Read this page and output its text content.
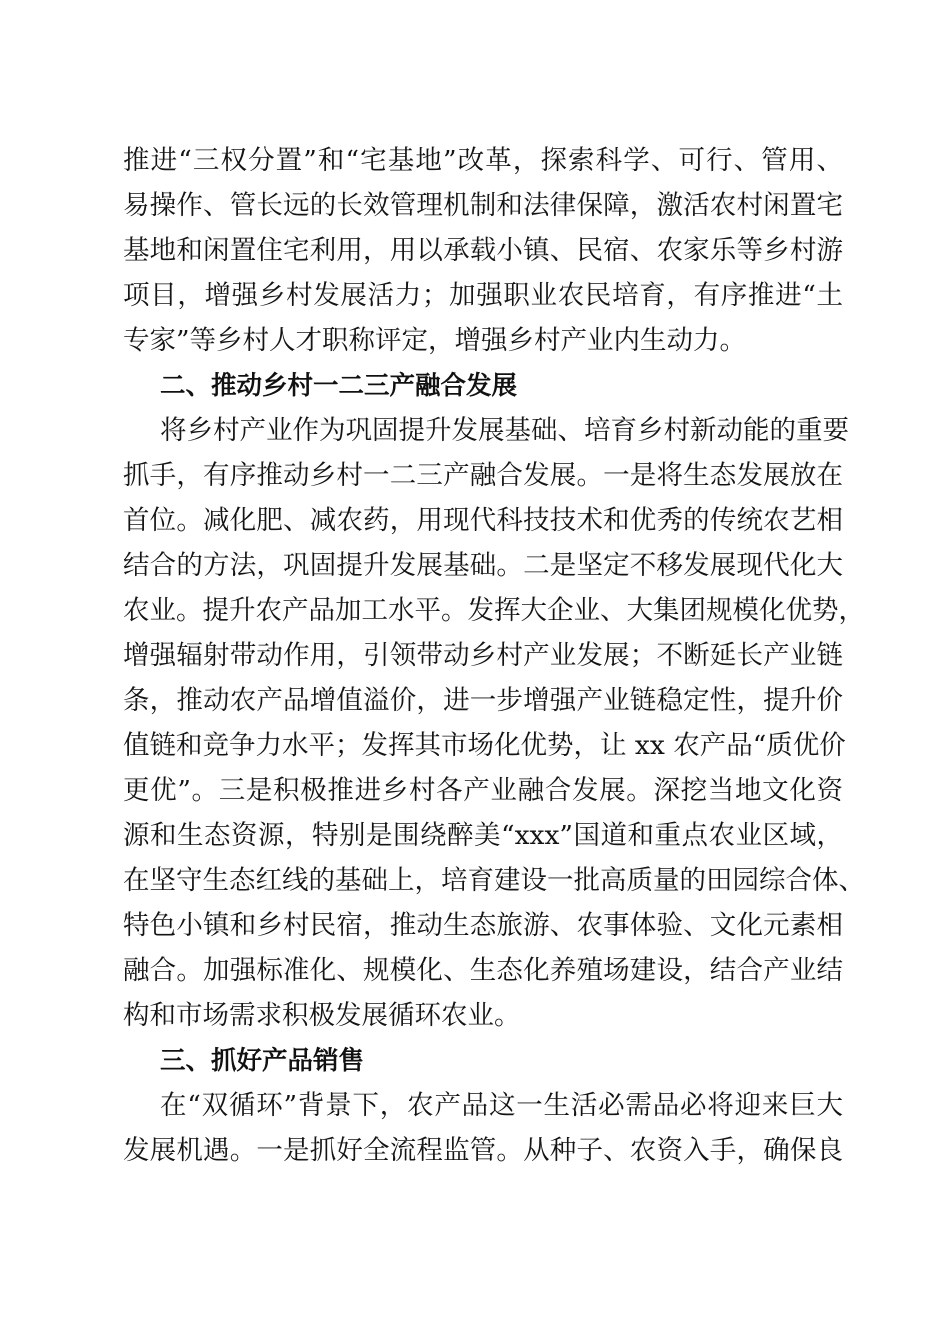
推进“三权分置”和“宅基地”改革，探索科学、可行、管用、

易操作、管长远的长效管理机制和法律保障，激活农村闲置宅

基地和闲置住宅利用，用以承载小镇、民宿、农家乐等乡村游

项目，增强乡村发展活力；加强职业农民培育，有序推进“土

专家”等乡村人才职称评定，增强乡村产业内生动力。

二、推动乡村一二三产融合发展

将乡村产业作为巩固提升发展基础、培育乡村新动能的重要

抓手，有序推动乡村一二三产融合发展。一是将生态发展放在

首位。减化肥、减农药，用现代科技技术和优秀的传统农艺相

结合的方法，巩固提升发展基础。二是坚定不移发展现代化大

农业。提升农产品加工水平。发挥大企业、大集团规模化优势，

增强辐射带动作用，引领带动乡村产业发展；不断延长产业链

条，推动农产品增值溢价，进一步增强产业链稳定性，提升价

值链和竞争力水平；发挥其市场化优势，让 xx 农产品“质优价

更优”。三是积极推进乡村各产业融合发展。深挖当地文化资

源和生态资源，特别是围绕醉美“xxx”国道和重点农业区域，

在坚守生态红线的基础上，培育建设一批高质量的田园综合体、

特色小镇和乡村民宿，推动生态旅游、农事体验、文化元素相

融合。加强标准化、规模化、生态化养殖场建设，结合产业结

构和市场需求积极发展循环农业。

三、抓好产品销售

在“双循环”背景下，农产品这一生活必需品必将迎来巨大

发展机遇。一是抓好全流程监管。从种子、农资入手，确保良
